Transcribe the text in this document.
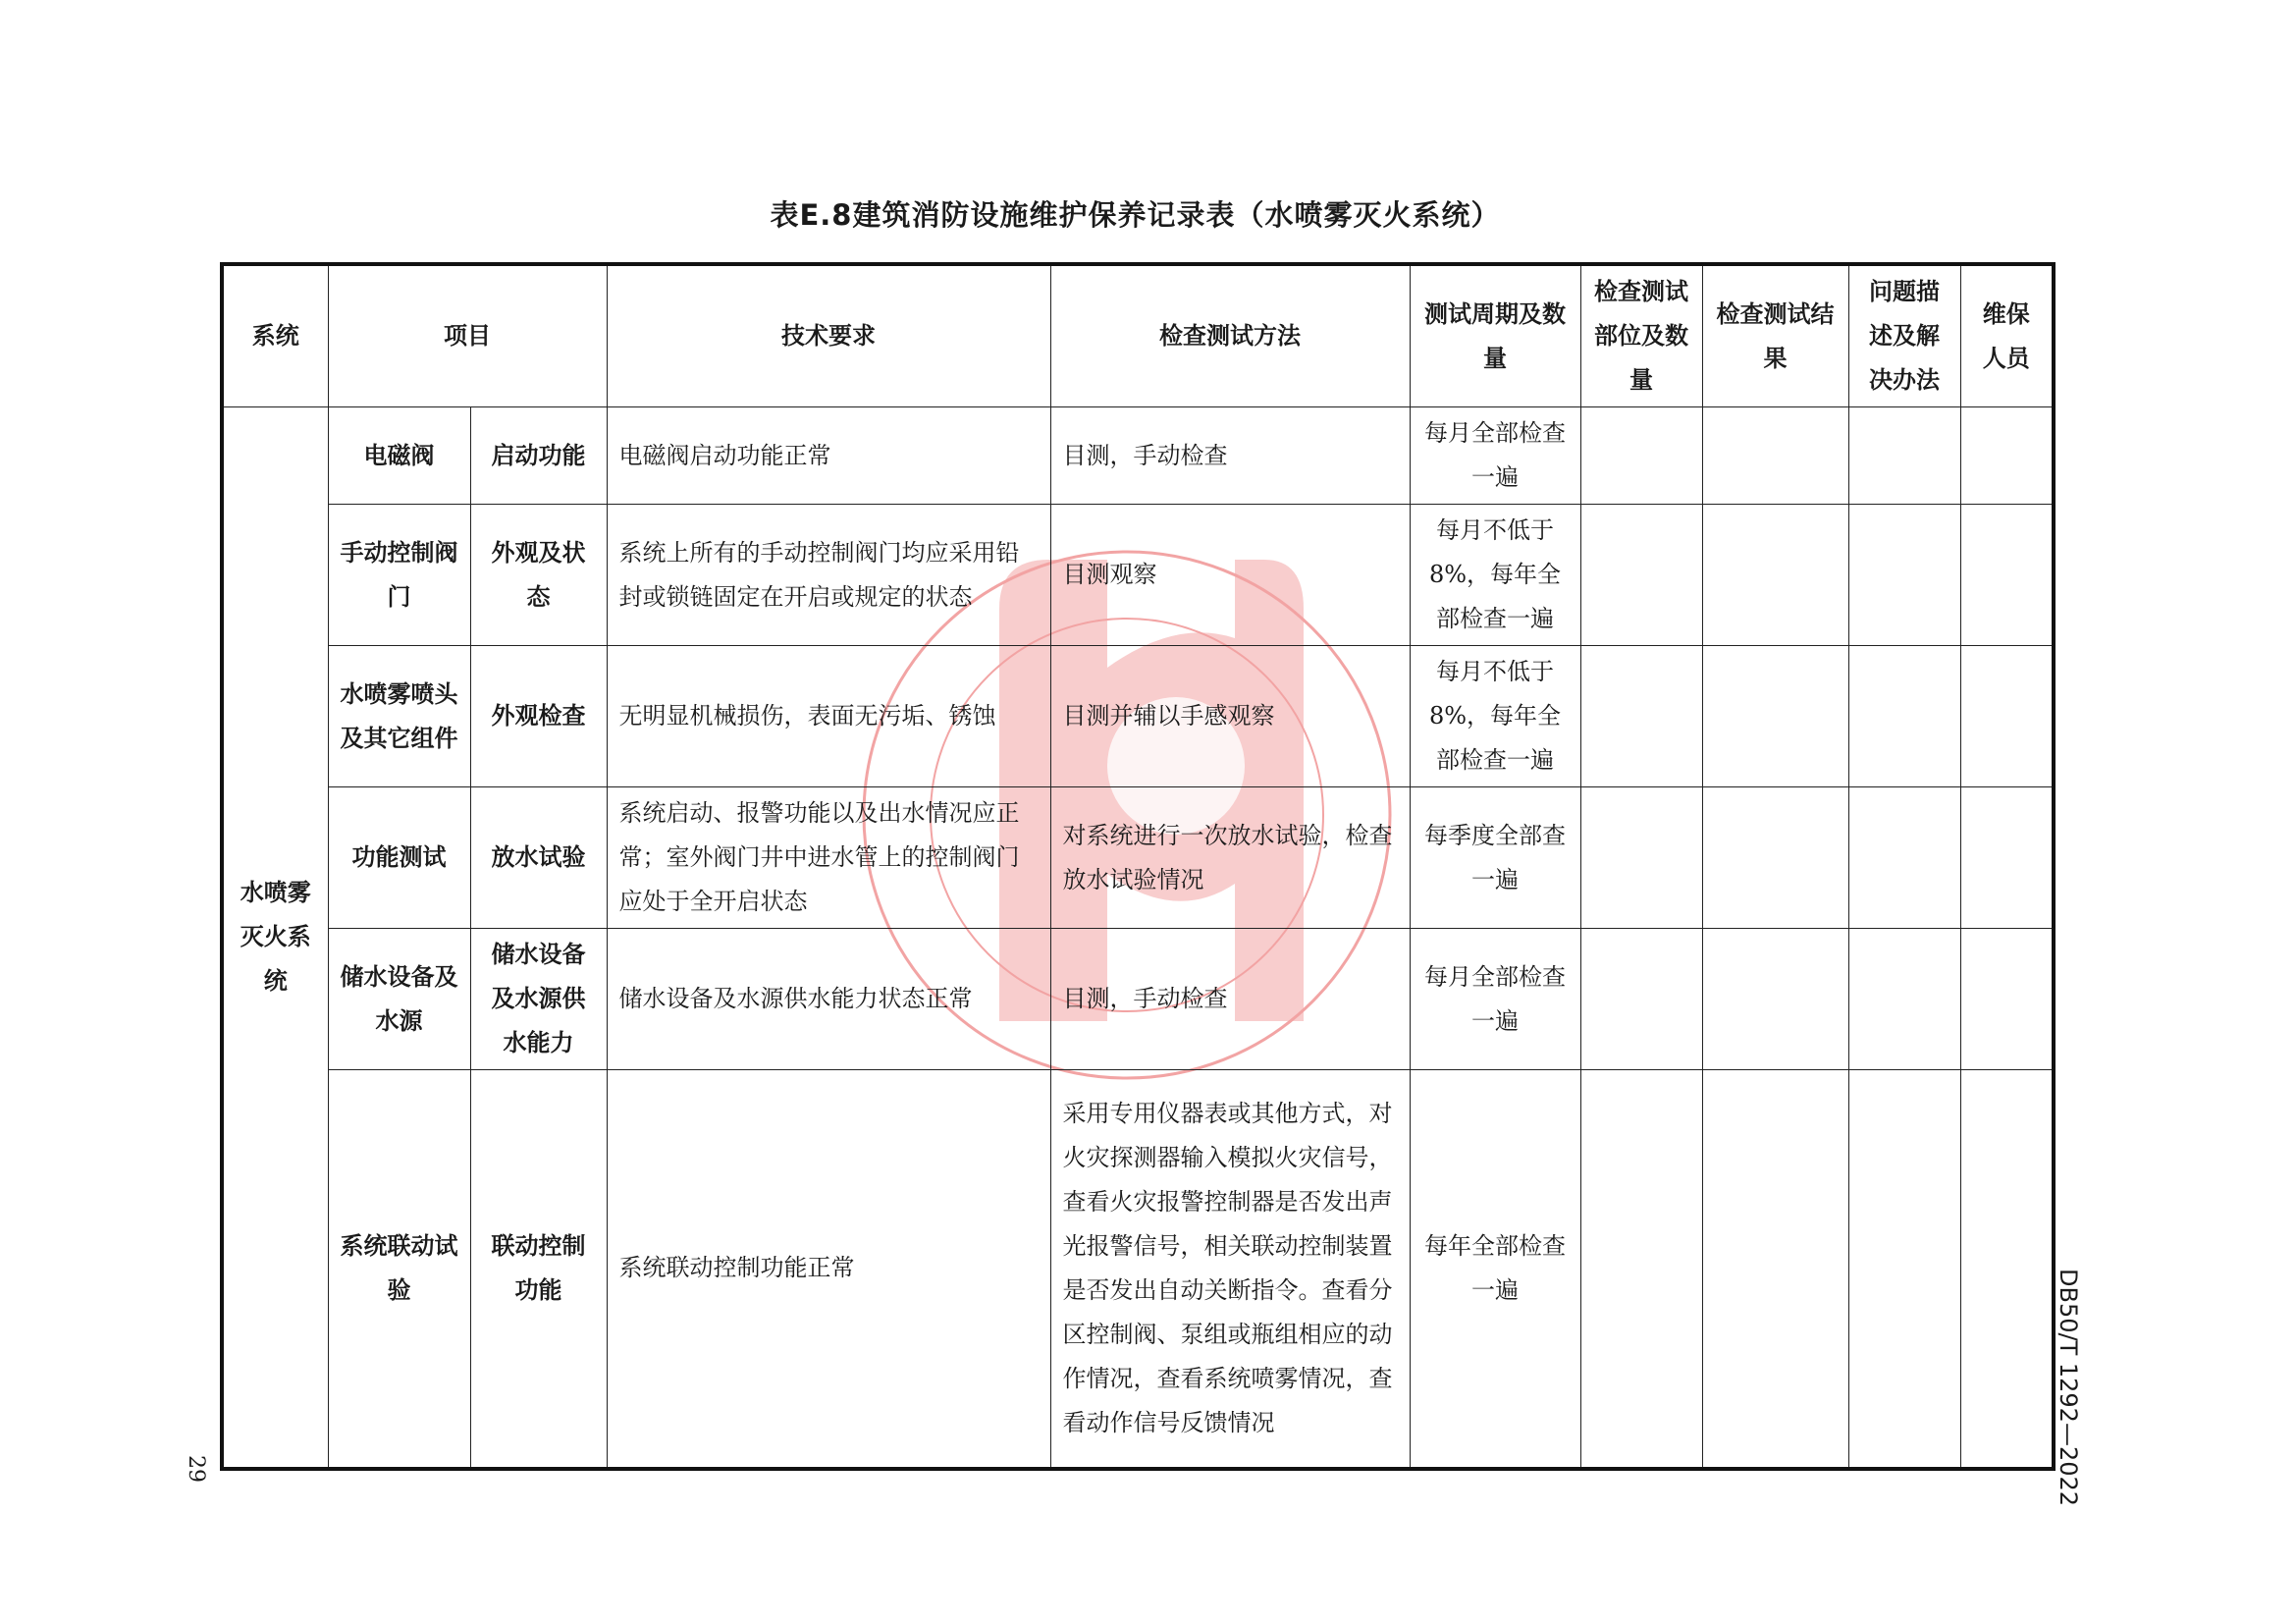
表E.8建筑消防设施维护保养记录表（水喷雾灭火系统）
系统	项目		技术要求	检查测试方法	测试周期及数量	检查测试部位及数量	检查测试结果	问题描述及解决办法	维保人员
水喷雾灭火系统	电磁阀	启动功能	电磁阀启动功能正常	目测，手动检查	每月全部检查一遍				
	手动控制阀门	外观及状态	系统上所有的手动控制阀门均应采用铅封或锁链固定在开启或规定的状态	目测观察	每月不低于8%，每年全部检查一遍				
	水喷雾喷头及其它组件	外观检查	无明显机械损伤，表面无污垢、锈蚀	目测并辅以手感观察	每月不低于8%，每年全部检查一遍				
	功能测试	放水试验	系统启动、报警功能以及出水情况应正常；室外阀门井中进水管上的控制阀门应处于全开启状态	对系统进行一次放水试验，检查放水试验情况	每季度全部查一遍				
	储水设备及水源	储水设备及水源供水能力	储水设备及水源供水能力状态正常	目测，手动检查	每月全部检查一遍				
	系统联动试验	联动控制功能	系统联动控制功能正常	采用专用仪器表或其他方式，对火灾探测器输入模拟火灾信号，查看火灾报警控制器是否发出声光报警信号，相关联动控制装置是否发出自动关断指令。查看分区控制阀、泵组或瓶组相应的动作情况，查看系统喷雾情况，查看动作信号反馈情况	每年全部检查一遍					DB50/T 1292—2022
29
